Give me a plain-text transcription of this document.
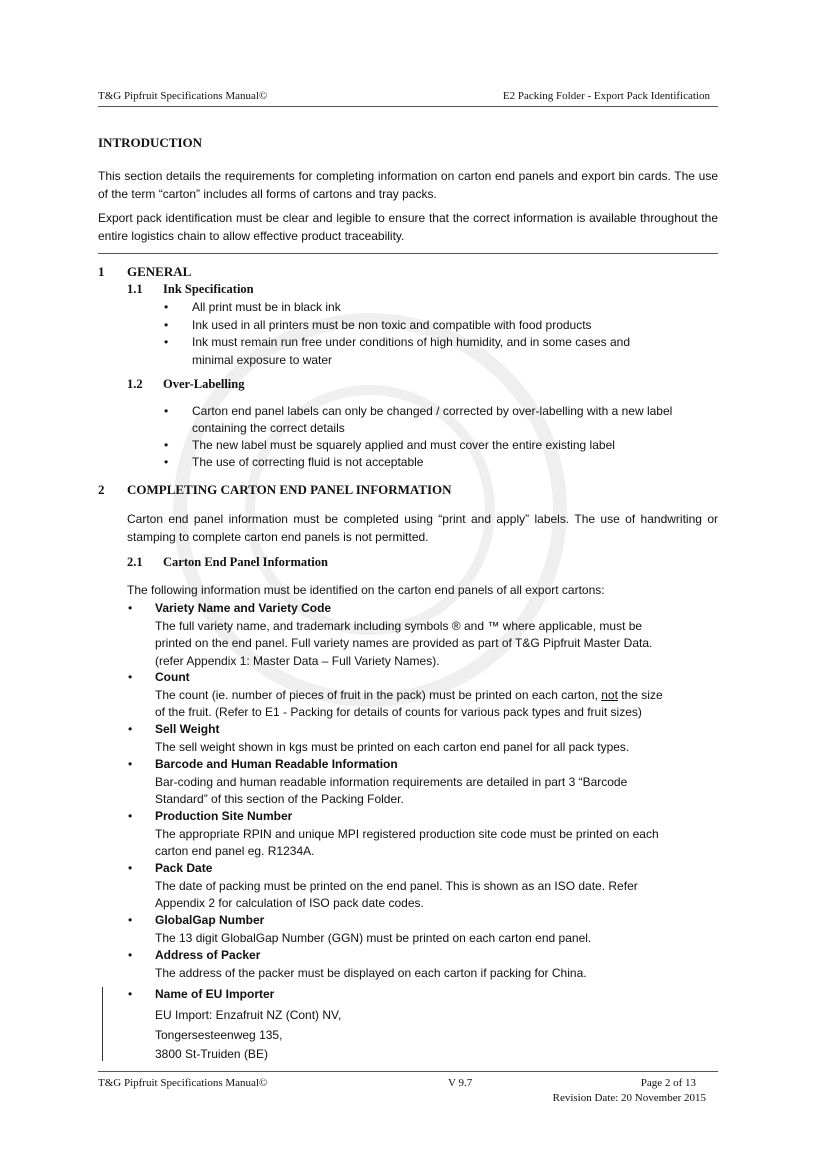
T&G Pipfruit Specifications Manual©	E2 Packing Folder - Export Pack Identification
INTRODUCTION
This section details the requirements for completing information on carton end panels and export bin cards. The use of the term “carton” includes all forms of cartons and tray packs.
Export pack identification must be clear and legible to ensure that the correct information is available throughout the entire logistics chain to allow effective product traceability.
1 GENERAL
1.1 Ink Specification
• All print must be in black ink
• Ink used in all printers must be non toxic and compatible with food products
• Ink must remain run free under conditions of high humidity, and in some cases and
minimal exposure to water
1.2 Over-Labelling
• Carton end panel labels can only be changed / corrected by over-labelling with a new label
containing the correct details
• The new label must be squarely applied and must cover the entire existing label
• The use of correcting fluid is not acceptable
2 COMPLETING CARTON END PANEL INFORMATION
Carton end panel information must be completed using “print and apply” labels. The use of handwriting or stamping to complete carton end panels is not permitted.
2.1 Carton End Panel Information
The following information must be identified on the carton end panels of all export cartons:
• Variety Name and Variety Code
The full variety name, and trademark including symbols ® and ™ where applicable, must be
printed on the end panel. Full variety names are provided as part of T&G Pipfruit Master Data.
(refer Appendix 1: Master Data – Full Variety Names).
• Count
The count (ie. number of pieces of fruit in the pack) must be printed on each carton, not the size
of the fruit. (Refer to E1 - Packing for details of counts for various pack types and fruit sizes)
• Sell Weight
The sell weight shown in kgs must be printed on each carton end panel for all pack types.
• Barcode and Human Readable Information
Bar-coding and human readable information requirements are detailed in part 3 “Barcode
Standard” of this section of the Packing Folder.
• Production Site Number
The appropriate RPIN and unique MPI registered production site code must be printed on each
carton end panel eg. R1234A.
• Pack Date
The date of packing must be printed on the end panel. This is shown as an ISO date. Refer
Appendix 2 for calculation of ISO pack date codes.
• GlobalGap Number
The 13 digit GlobalGap Number (GGN) must be printed on each carton end panel.
• Address of Packer
The address of the packer must be displayed on each carton if packing for China.
• Name of EU Importer
EU Import: Enzafruit NZ (Cont) NV,
Tongersesteenweg 135,
3800 St-Truiden (BE)
T&G Pipfruit Specifications Manual©	V 9.7	Page 2 of 13
Revision Date: 20 November 2015
